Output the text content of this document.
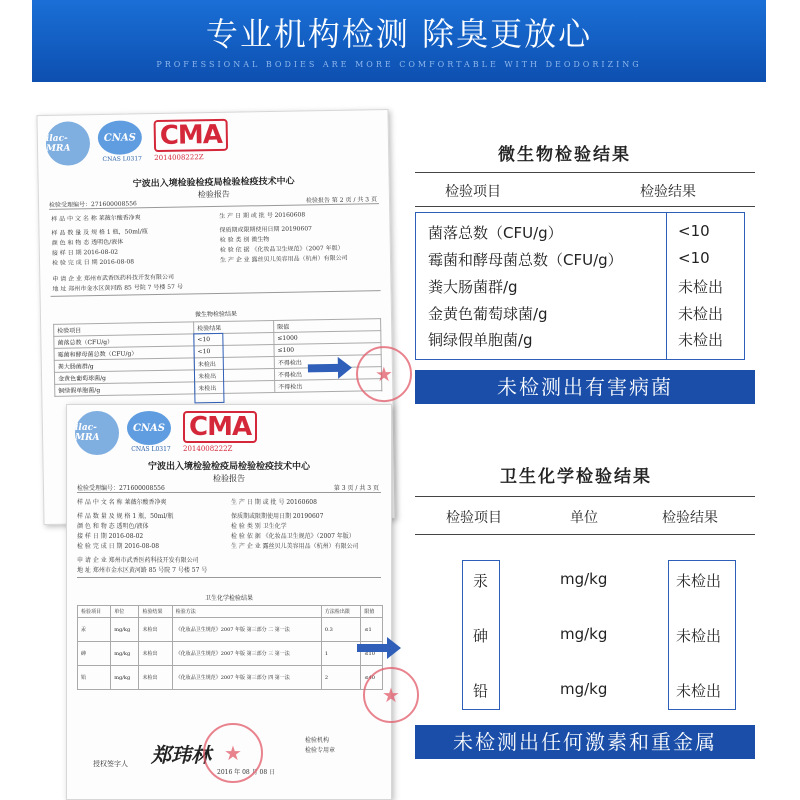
专业机构检测 除臭更放心
PROFESSIONAL BODIES ARE MORE COMFORTABLE WITH DEODORIZING
ilac-MRA
CNAS
CNAS L0317
CMA
2014008222Z
宁波出入境检验检疫局检验检疫技术中心
检验报告
检验受理编号：271600008556
检验报告 第 2 页 / 共 3 页
样 品 中 文 名 称 莱薇尔酸香净爽	生 产 日 期 或 批 号 20160608
样 品 数 量 及 规 格 1 瓶，50ml/瓶	保质期或限期使用日期 20190607
颜 色 和 物 态 透明色/液体	检 验 类 别 微生物
接 样 日 期 2016-08-02	检 验 依 据 《化妆品卫生规范》（2007 年版）
检 验 完 成 日 期 2016-08-08	生 产 企 业 露丝贝儿美容用品（杭州）有限公司
申 请 企 业 郑州市武香医药科技开发有限公司
地 址 郑州市金水区黄河路 85 号院 7 号楼 57 号
微生物检验结果
检验项目	检验结果	限值
菌落总数（CFU/g）	<10	≤1000
霉菌和酵母菌总数（CFU/g）	<10	≤100
粪大肠菌群/g	未检出	不得检出
金黄色葡萄球菌/g	未检出	不得检出
铜绿假单胞菌/g	未检出	不得检出
★
ilac-MRA
CNAS
CNAS L0317
CMA
2014008222Z
宁波出入境检验检疫局检验检疫技术中心
检验报告
检验受理编号：271600008556	第 3 页 / 共 3 页
样 品 中 文 名 称 莱薇尔酸香净爽	生 产 日 期 或 批 号 20160608
样 品 数 量 及 规 格 1 瓶，50ml/瓶	保质期或限期使用日期 20190607
颜 色 和 物 态 透明色/液体	检 验 类 别 卫生化学
接 样 日 期 2016-08-02	检 验 依 据 《化妆品卫生规范》（2007 年版）
检 验 完 成 日 期 2016-08-08	生 产 企 业 露丝贝儿美容用品（杭州）有限公司
申 请 企 业 郑州市武香医药科技开发有限公司
地 址 郑州市金水区黄河路 85 号院 7 号楼 57 号
卫生化学检验结果
检验项目	单位	检验结果	检验方法	方法检出限	限值
汞	mg/kg	未检出	《化妆品卫生规范》2007 年版 第三部分 二 第一法	0.3	≤1
砷	mg/kg	未检出	《化妆品卫生规范》2007 年版 第三部分 三 第一法	1	≤10
铅	mg/kg	未检出	《化妆品卫生规范》2007 年版 第三部分 四 第一法	2	≤40
★
授权签字人 郑玮林
检验机构
检验专用章
2016 年 08 月 08 日
★
微生物检验结果
检验项目	检验结果
菌落总数（CFU/g）	<10
霉菌和酵母菌总数（CFU/g）	<10
粪大肠菌群/g	未检出
金黄色葡萄球菌/g	未检出
铜绿假单胞菌/g	未检出
未检测出有害病菌
卫生化学检验结果
检验项目	单位	检验结果
汞	mg/kg	未检出
砷	mg/kg	未检出
铅	mg/kg	未检出
未检测出任何激素和重金属
